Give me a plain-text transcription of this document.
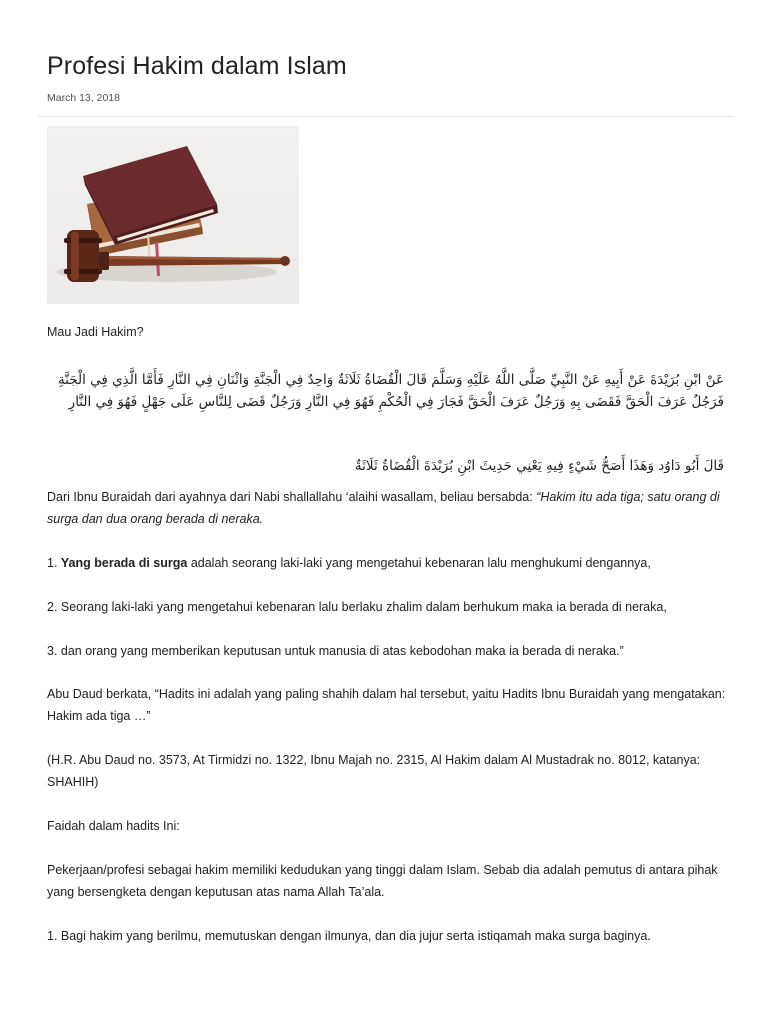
Profesi Hakim dalam Islam
March 13, 2018
Mau Jadi Hakim?
عَنْ ابْنِ بُرَيْدَةَ عَنْ أَبِيهِ عَنْ النَّبِيِّ صَلَّى اللَّهُ عَلَيْهِ وَسَلَّمَ قَالَ الْقُضَاةُ ثَلَاثَةٌ وَاحِدٌ فِي الْجَنَّةِ وَاثْنَانِ فِي النَّارِ فَأَمَّا الَّذِي فِي الْجَنَّةِ فَرَجُلٌ عَرَفَ الْحَقَّ فَقَضَى بِهِ وَرَجُلٌ عَرَفَ الْحَقَّ فَجَارَ فِي الْحُكْمِ فَهُوَ فِي النَّارِ وَرَجُلٌ قَضَى لِلنَّاسِ عَلَى جَهْلٍ فَهُوَ فِي النَّارِ
قَالَ أَبُو دَاوُد وَهَذَا أَصَحُّ شَيْءٍ فِيهِ يَعْنِي حَدِيثَ ابْنِ بُرَيْدَةَ الْقُضَاةُ ثَلَاثَةٌ
Dari Ibnu Buraidah dari ayahnya dari Nabi shallallahu ‘alaihi wasallam, beliau bersabda: “Hakim itu ada tiga; satu orang di surga dan dua orang berada di neraka.
1. Yang berada di surga adalah seorang laki-laki yang mengetahui kebenaran lalu menghukumi dengannya,
2. Seorang laki-laki yang mengetahui kebenaran lalu berlaku zhalim dalam berhukum maka ia berada di neraka,
3. dan orang yang memberikan keputusan untuk manusia di atas kebodohan maka ia berada di neraka.”
Abu Daud berkata, “Hadits ini adalah yang paling shahih dalam hal tersebut, yaitu Hadits Ibnu Buraidah yang mengatakan: Hakim ada tiga …”
(H.R. Abu Daud no. 3573, At Tirmidzi no. 1322, Ibnu Majah no. 2315, Al Hakim dalam Al Mustadrak no. 8012, katanya: SHAHIH)
Faidah dalam hadits Ini:
Pekerjaan/profesi sebagai hakim memiliki kedudukan yang tinggi dalam Islam. Sebab dia adalah pemutus di antara pihak yang bersengketa dengan keputusan atas nama Allah Ta’ala.
1. Bagi hakim yang berilmu, memutuskan dengan ilmunya, dan dia jujur serta istiqamah maka surga baginya.
